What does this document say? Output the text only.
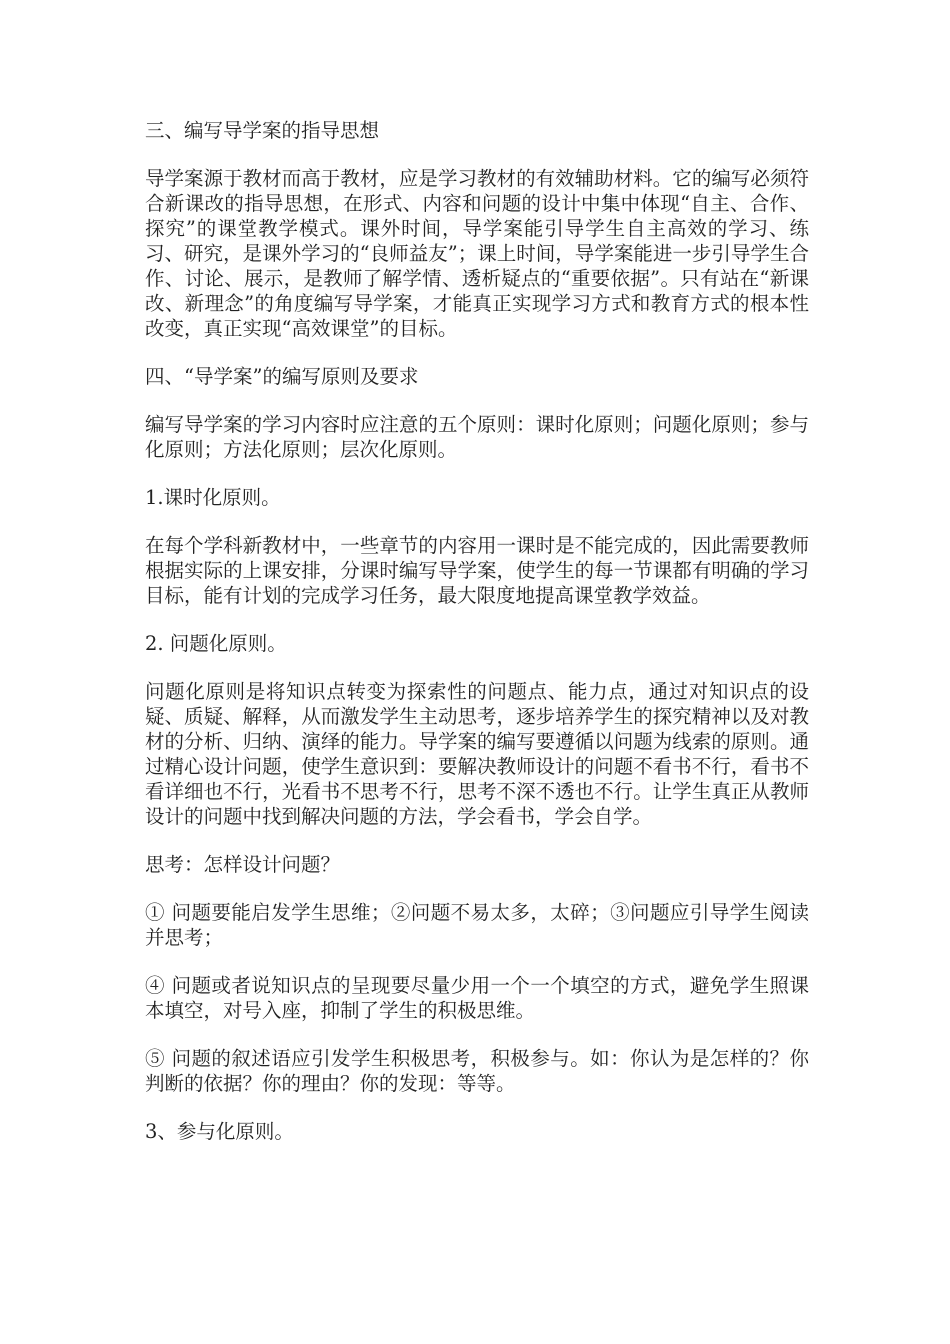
三、编写导学案的指导思想

导学案源于教材而高于教材，应是学习教材的有效辅助材料。它的编写必须符合新课改的指导思想，在形式、内容和问题的设计中集中体现“自主、合作、探究”的课堂教学模式。课外时间，导学案能引导学生自主高效的学习、练习、研究，是课外学习的“良师益友”；课上时间，导学案能进一步引导学生合作、讨论、展示，是教师了解学情、透析疑点的“重要依据”。只有站在“新课改、新理念”的角度编写导学案，才能真正实现学习方式和教育方式的根本性改变，真正实现“高效课堂”的目标。

四、“导学案”的编写原则及要求

编写导学案的学习内容时应注意的五个原则：课时化原则；问题化原则；参与化原则；方法化原则；层次化原则。

1.课时化原则。

在每个学科新教材中，一些章节的内容用一课时是不能完成的，因此需要教师根据实际的上课安排，分课时编写导学案，使学生的每一节课都有明确的学习目标，能有计划的完成学习任务，最大限度地提高课堂教学效益。

2. 问题化原则。

问题化原则是将知识点转变为探索性的问题点、能力点，通过对知识点的设疑、质疑、解释，从而激发学生主动思考，逐步培养学生的探究精神以及对教材的分析、归纳、演绎的能力。导学案的编写要遵循以问题为线索的原则。通过精心设计问题，使学生意识到：要解决教师设计的问题不看书不行，看书不看详细也不行，光看书不思考不行，思考不深不透也不行。让学生真正从教师设计的问题中找到解决问题的方法，学会看书，学会自学。

思考：怎样设计问题？

① 问题要能启发学生思维；②问题不易太多，太碎；③问题应引导学生阅读并思考；

④ 问题或者说知识点的呈现要尽量少用一个一个填空的方式，避免学生照课本填空，对号入座，抑制了学生的积极思维。

⑤ 问题的叙述语应引发学生积极思考，积极参与。如：你认为是怎样的？你判断的依据？你的理由？你的发现：等等。

3、参与化原则。
